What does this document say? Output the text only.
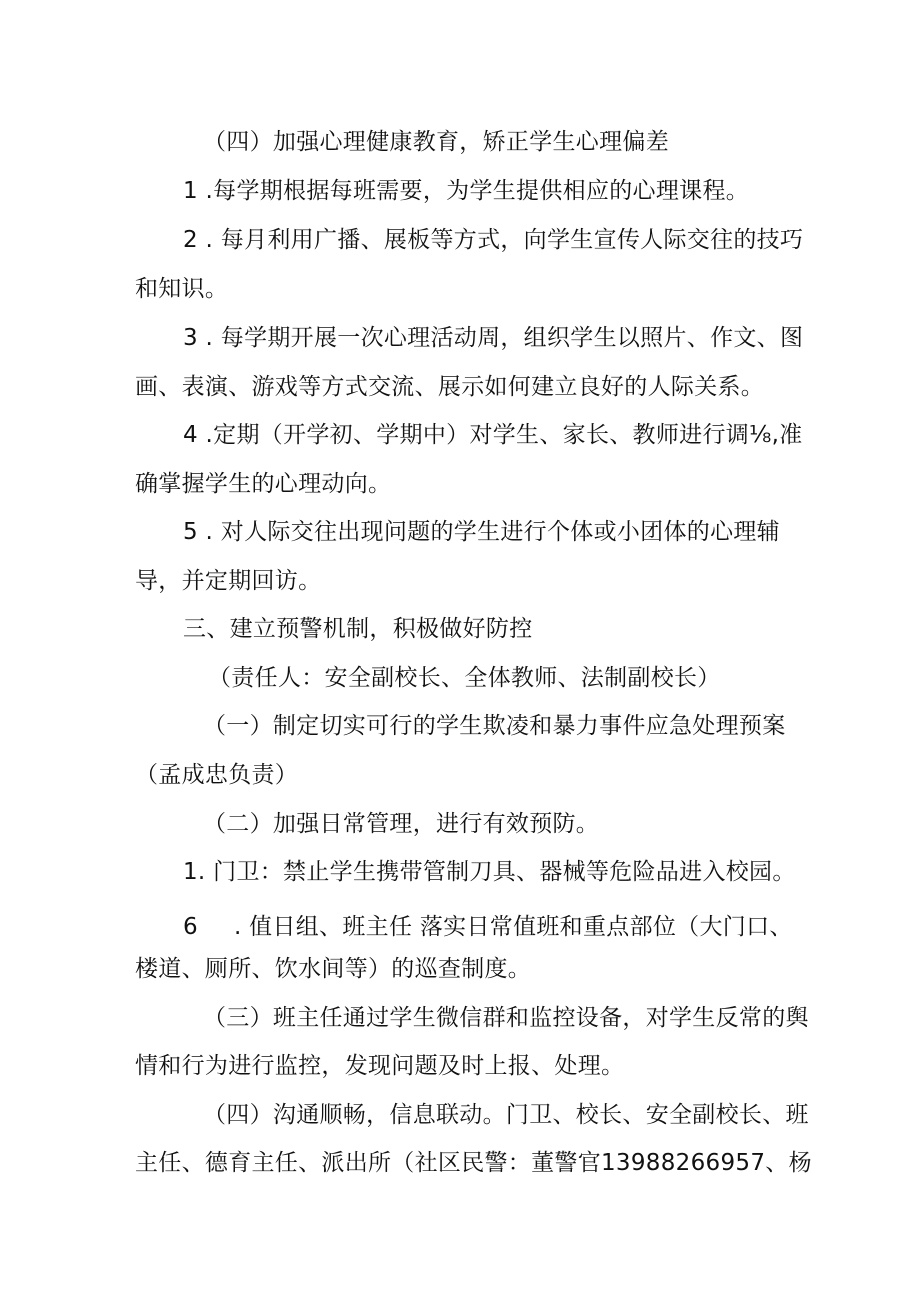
（四）加强心理健康教育，矫正学生心理偏差
1 .每学期根据每班需要，为学生提供相应的心理课程。
2 . 每月利用广播、展板等方式，向学生宣传人际交往的技巧
和知识。
3 . 每学期开展一次心理活动周，组织学生以照片、作文、图
画、表演、游戏等方式交流、展示如何建立良好的人际关系。
4 .定期（开学初、学期中）对学生、家长、教师进行调⅛,准
确掌握学生的心理动向。
5 . 对人际交往出现问题的学生进行个体或小团体的心理辅
导，并定期回访。
三、建立预警机制，积极做好防控
（责任人：安全副校长、全体教师、法制副校长）
（一）制定切实可行的学生欺凌和暴力事件应急处理预案
（孟成忠负责）
（二）加强日常管理，进行有效预防。
1. 门卫：禁止学生携带管制刀具、器械等危险品进入校园。
6 . 值日组、班主任 落实日常值班和重点部位（大门口、
楼道、厕所、饮水间等）的巡查制度。
（三）班主任通过学生微信群和监控设备，对学生反常的舆
情和行为进行监控，发现问题及时上报、处理。
（四）沟通顺畅，信息联动。门卫、校长、安全副校长、班
主任、德育主任、派出所（社区民警：董警官13988266957、杨
